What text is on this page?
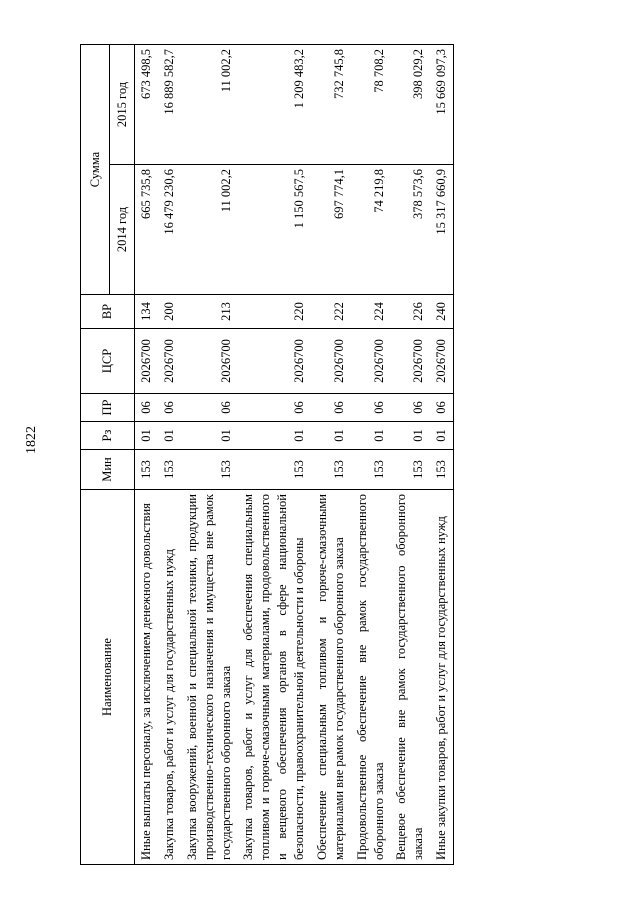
1822
Наименование	Мин	Рз	ПР	ЦСР	ВР	Сумма	
						2014 год	2015 год
Иные выплаты персоналу, за исключением денежного довольствия	153	01	06	2026700	134	665 735,8	673 498,5
Закупка товаров, работ и услуг для государственных нужд	153	01	06	2026700	200	16 479 230,6	16 889 582,7
Закупка вооружений, военной и специальной техники, продукции производственно-технического назначения и имущества вне рамок государственного оборонного заказа	153	01	06	2026700	213	11 002,2	11 002,2
Закупка товаров, работ и услуг для обеспечения специальным топливом и горюче-смазочными материалами, продовольственного и вещевого обеспечения органов в сфере национальной безопасности, правоохранительной деятельности и обороны	153	01	06	2026700	220	1 150 567,5	1 209 483,2
Обеспечение специальным топливом и горюче-смазочными материалами вне рамок государственного оборонного заказа	153	01	06	2026700	222	697 774,1	732 745,8
Продовольственное обеспечение вне рамок государственного оборонного заказа	153	01	06	2026700	224	74 219,8	78 708,2
Вещевое обеспечение вне рамок государственного оборонного заказа	153	01	06	2026700	226	378 573,6	398 029,2
Иные закупки товаров, работ и услуг для государственных нужд	153	01	06	2026700	240	15 317 660,9	15 669 097,3
